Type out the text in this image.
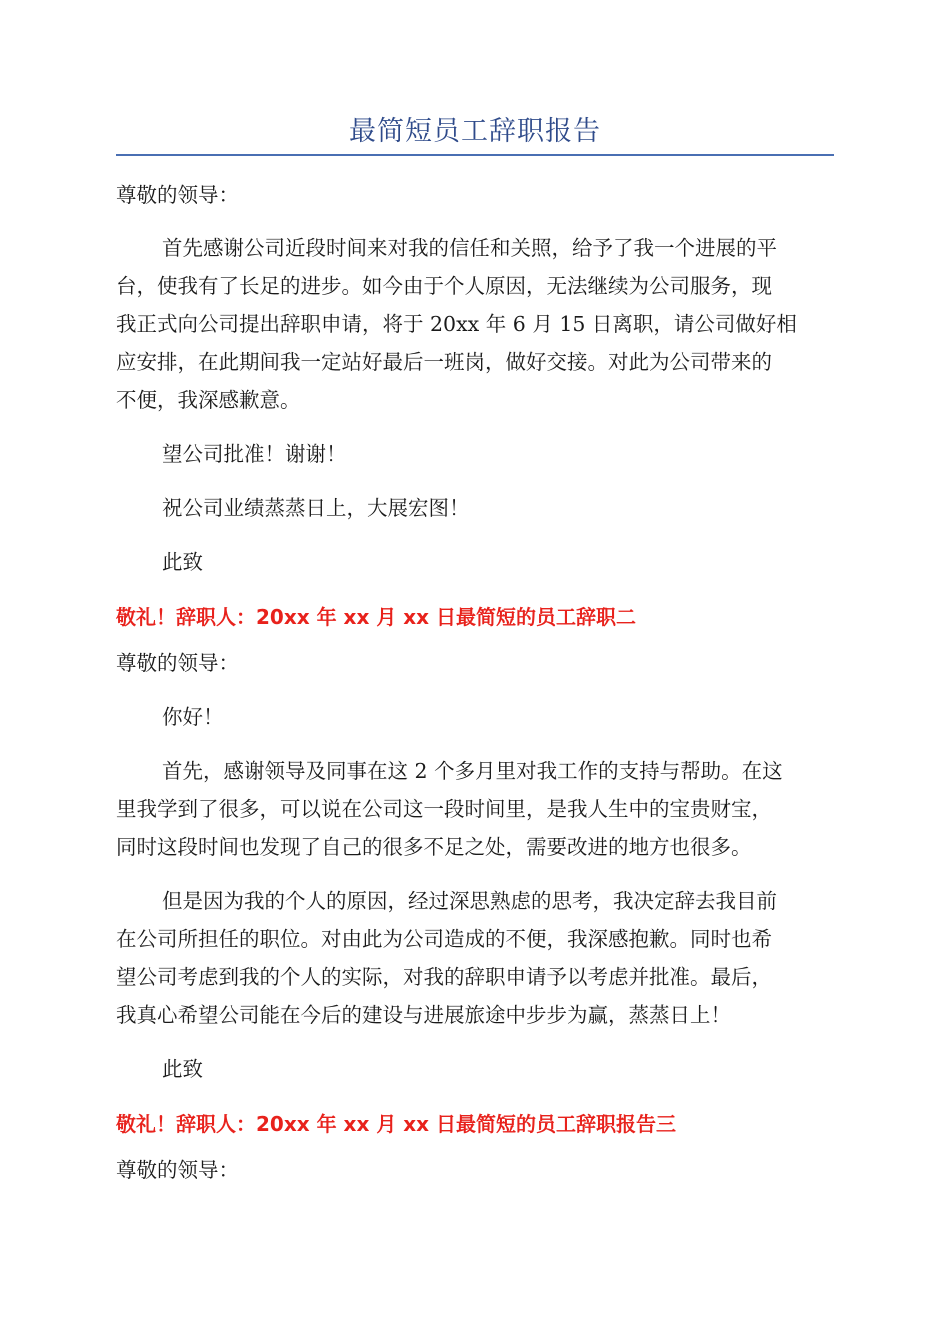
最简短员工辞职报告
尊敬的领导：
首先感谢公司近段时间来对我的信任和关照，给予了我一个进展的平
台，使我有了长足的进步。如今由于个人原因，无法继续为公司服务，现
我正式向公司提出辞职申请，将于 20xx 年 6 月 15 日离职，请公司做好相
应安排，在此期间我一定站好最后一班岗，做好交接。对此为公司带来的
不便，我深感歉意。
望公司批准！谢谢！
祝公司业绩蒸蒸日上，大展宏图！
此致
敬礼！辞职人：20xx 年 xx 月 xx 日最简短的员工辞职二
尊敬的领导：
你好！
首先，感谢领导及同事在这 2 个多月里对我工作的支持与帮助。在这
里我学到了很多，可以说在公司这一段时间里，是我人生中的宝贵财宝，
同时这段时间也发现了自己的很多不足之处，需要改进的地方也很多。
但是因为我的个人的原因，经过深思熟虑的思考，我决定辞去我目前
在公司所担任的职位。对由此为公司造成的不便，我深感抱歉。同时也希
望公司考虑到我的个人的实际，对我的辞职申请予以考虑并批准。最后，
我真心希望公司能在今后的建设与进展旅途中步步为赢，蒸蒸日上！
此致
敬礼！辞职人：20xx 年 xx 月 xx 日最简短的员工辞职报告三
尊敬的领导：
